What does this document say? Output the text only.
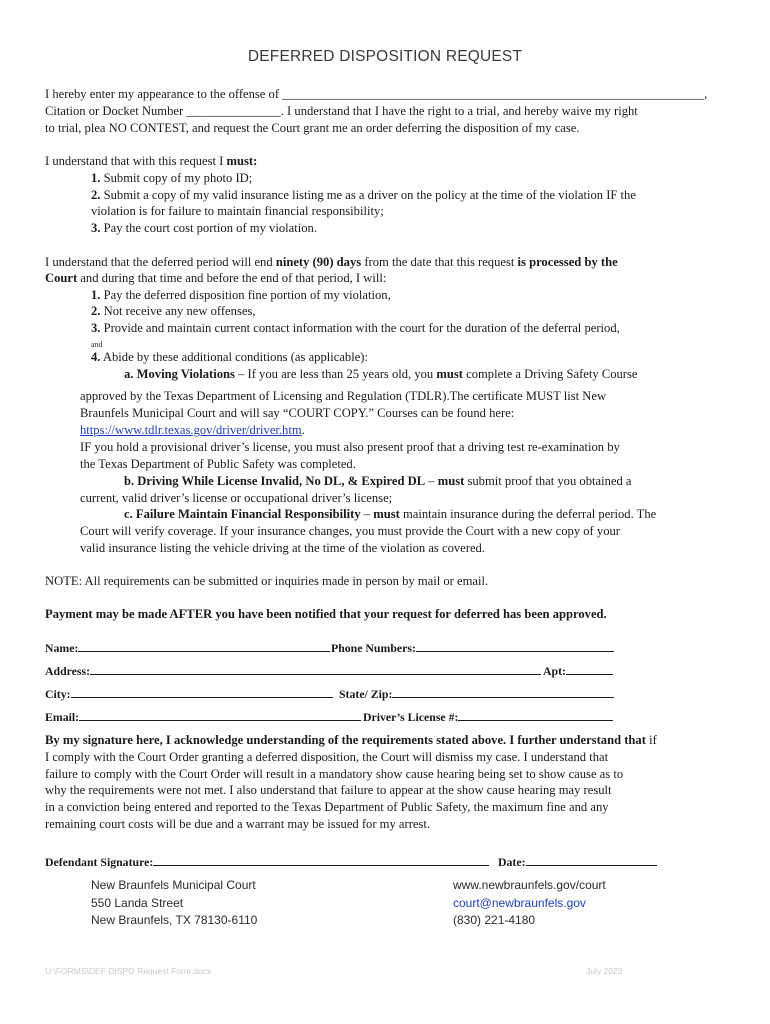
DEFERRED DISPOSITION REQUEST
I hereby enter my appearance to the offense of ___________________________________________________________________,
Citation or Docket Number _______________. I understand that I have the right to a trial, and hereby waive my right
to trial, plea NO CONTEST, and request the Court grant me an order deferring the disposition of my case.
I understand that with this request I must:
1. Submit copy of my photo ID;
2. Submit a copy of my valid insurance listing me as a driver on the policy at the time of the violation IF the
violation is for failure to maintain financial responsibility;
3. Pay the court cost portion of my violation.
I understand that the deferred period will end ninety (90) days from the date that this request is processed by the
Court and during that time and before the end of that period, I will:
1. Pay the deferred disposition fine portion of my violation,
2. Not receive any new offenses,
3. Provide and maintain current contact information with the court for the duration of the deferral period,
and
4. Abide by these additional conditions (as applicable):
a. Moving Violations – If you are less than 25 years old, you must complete a Driving Safety Course
approved by the Texas Department of Licensing and Regulation (TDLR).The certificate MUST list New
Braunfels Municipal Court and will say “COURT COPY.” Courses can be found here:
https://www.tdlr.texas.gov/driver/driver.htm.
IF you hold a provisional driver’s license, you must also present proof that a driving test re-examination by
the Texas Department of Public Safety was completed.
b. Driving While License Invalid, No DL, & Expired DL – must submit proof that you obtained a
current, valid driver’s license or occupational driver’s license;
c. Failure Maintain Financial Responsibility – must maintain insurance during the deferral period. The
Court will verify coverage. If your insurance changes, you must provide the Court with a new copy of your
valid insurance listing the vehicle driving at the time of the violation as covered.
NOTE: All requirements can be submitted or inquiries made in person by mail or email.
Payment may be made AFTER you have been notified that your request for deferred has been approved.
Name:	Phone Numbers:
Address:	Apt:
City:	State/ Zip:
Email:	Driver’s License #:
By my signature here, I acknowledge understanding of the requirements stated above. I further understand that if
I comply with the Court Order granting a deferred disposition, the Court will dismiss my case. I understand that
failure to comply with the Court Order will result in a mandatory show cause hearing being set to show cause as to
why the requirements were not met. I also understand that failure to appear at the show cause hearing may result
in a conviction being entered and reported to the Texas Department of Public Safety, the maximum fine and any
remaining court costs will be due and a warrant may be issued for my arrest.
Defendant Signature:	Date:
New Braunfels Municipal Court
550 Landa Street
New Braunfels, TX 78130-6110
www.newbraunfels.gov/court
court@newbraunfels.gov
(830) 221-4180
U:\FORMS\DEF DISPO Request Form.docx	July 2023
